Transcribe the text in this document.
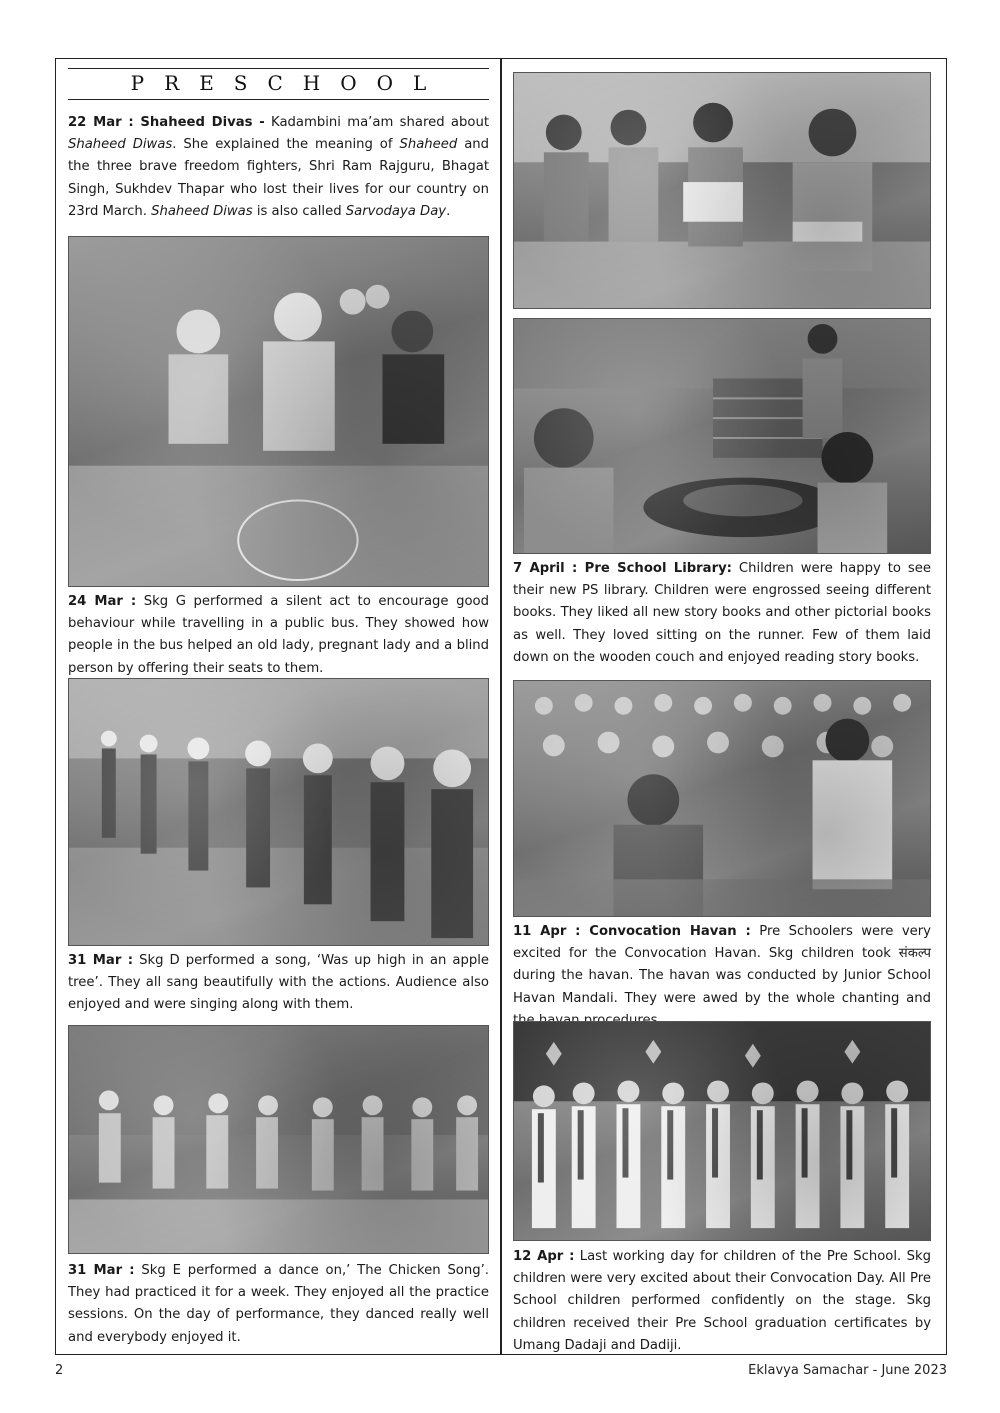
PRESCHOOL
22 Mar : Shaheed Divas - Kadambini ma’am shared about Shaheed Diwas. She explained the meaning of Shaheed and the three brave freedom fighters, Shri Ram Rajguru, Bhagat Singh, Sukhdev Thapar who lost their lives for our country on 23rd March. Shaheed Diwas is also called Sarvodaya Day.
24 Mar : Skg G performed a silent act to encourage good behaviour while travelling in a public bus. They showed how people in the bus helped an old lady, pregnant lady and a blind person by offering their seats to them.
31 Mar : Skg D performed a song, ‘Was up high in an apple tree’. They all sang beautifully with the actions. Audience also enjoyed and were singing along with them.
31 Mar : Skg E performed a dance on,’ The Chicken Song’. They had practiced it for a week. They enjoyed all the practice sessions. On the day of performance, they danced really well and everybody enjoyed it.
7 April : Pre School Library: Children were happy to see their new PS library. Children were engrossed seeing different books. They liked all new story books and other pictorial books as well. They loved sitting on the runner. Few of them laid down on the wooden couch and enjoyed reading story books.
11 Apr : Convocation Havan : Pre Schoolers were very excited for the Convocation Havan. Skg children took संकल्प during the havan. The havan was conducted by Junior School Havan Mandali. They were awed by the whole chanting and
12 Apr : Last working day for children of the Pre School. Skg children were very excited about their Convocation Day. All Pre School children performed confidently on the stage. Skg children received their Pre School graduation certificates by Umang Dadaji and Dadiji.
2	Eklavya Samachar - June 2023
